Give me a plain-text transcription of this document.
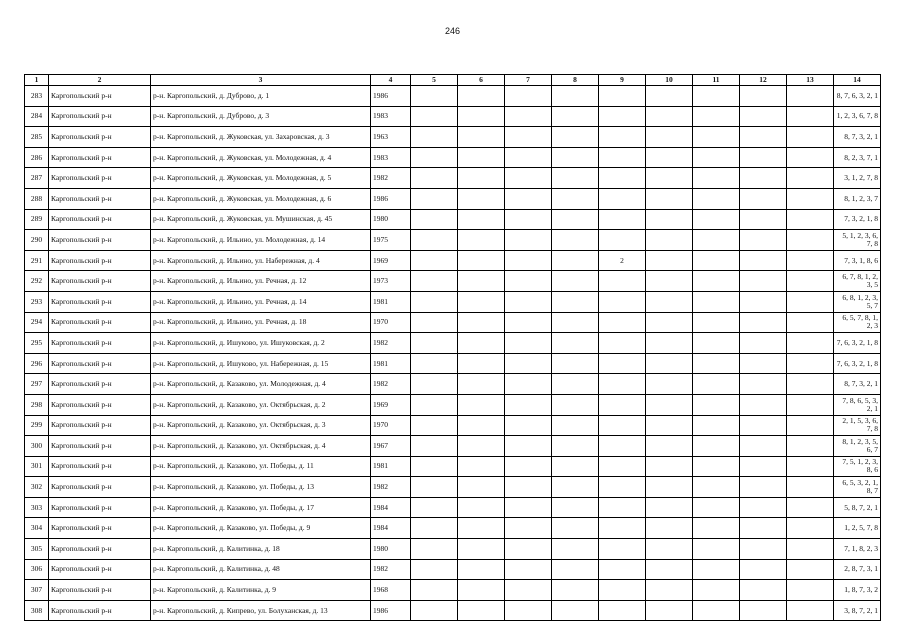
246
1	2	3	4	5	6	7	8	9	10	11	12	13	14
283	Каргопольский р-н	р-н. Каргопольский, д. Дуброво, д. 1	1986										8, 7, 6, 3, 2, 1
284	Каргопольский р-н	р-н. Каргопольский, д. Дуброво, д. 3	1983										1, 2, 3, 6, 7, 8
285	Каргопольский р-н	р-н. Каргопольский, д. Жуковская, ул. Захаровская, д. 3	1963										8, 7, 3, 2, 1
286	Каргопольский р-н	р-н. Каргопольский, д. Жуковская, ул. Молодежная, д. 4	1983										8, 2, 3, 7, 1
287	Каргопольский р-н	р-н. Каргопольский, д. Жуковская, ул. Молодежная, д. 5	1982										3, 1, 2, 7, 8
288	Каргопольский р-н	р-н. Каргопольский, д. Жуковская, ул. Молодежная, д. 6	1986										8, 1, 2, 3, 7
289	Каргопольский р-н	р-н. Каргопольский, д. Жуковская, ул. Мушинская, д. 45	1980										7, 3, 2, 1, 8
290	Каргопольский р-н	р-н. Каргопольский, д. Ильино, ул. Молодежная, д. 14	1975										5, 1, 2, 3, 6, 7, 8
291	Каргопольский р-н	р-н. Каргопольский, д. Ильино, ул. Набережная, д. 4	1969					2					7, 3, 1, 8, 6
292	Каргопольский р-н	р-н. Каргопольский, д. Ильино, ул. Речная, д. 12	1973										6, 7, 8, 1, 2, 3, 5
293	Каргопольский р-н	р-н. Каргопольский, д. Ильино, ул. Речная, д. 14	1981										6, 8, 1, 2, 3, 5, 7
294	Каргопольский р-н	р-н. Каргопольский, д. Ильино, ул. Речная, д. 18	1970										6, 5, 7, 8, 1, 2, 3
295	Каргопольский р-н	р-н. Каргопольский, д. Ишуково, ул. Ишуковская, д. 2	1982										7, 6, 3, 2, 1, 8
296	Каргопольский р-н	р-н. Каргопольский, д. Ишуково, ул. Набережная, д. 15	1981										7, 6, 3, 2, 1, 8
297	Каргопольский р-н	р-н. Каргопольский, д. Казаково, ул. Молодежная, д. 4	1982										8, 7, 3, 2, 1
298	Каргопольский р-н	р-н. Каргопольский, д. Казаково, ул. Октябрьская, д. 2	1969										7, 8, 6, 5, 3, 2, 1
299	Каргопольский р-н	р-н. Каргопольский, д. Казаково, ул. Октябрьская, д. 3	1970										2, 1, 5, 3, 6, 7, 8
300	Каргопольский р-н	р-н. Каргопольский, д. Казаково, ул. Октябрьская, д. 4	1967										8, 1, 2, 3, 5, 6, 7
301	Каргопольский р-н	р-н. Каргопольский, д. Казаково, ул. Победы, д. 11	1981										7, 5, 1, 2, 3, 8, 6
302	Каргопольский р-н	р-н. Каргопольский, д. Казаково, ул. Победы, д. 13	1982										6, 5, 3, 2, 1, 8, 7
303	Каргопольский р-н	р-н. Каргопольский, д. Казаково, ул. Победы, д. 17	1984										5, 8, 7, 2, 1
304	Каргопольский р-н	р-н. Каргопольский, д. Казаково, ул. Победы, д. 9	1984										1, 2, 5, 7, 8
305	Каргопольский р-н	р-н. Каргопольский, д. Калитинка, д. 18	1980										7, 1, 8, 2, 3
306	Каргопольский р-н	р-н. Каргопольский, д. Калитинка, д. 48	1982										2, 8, 7, 3, 1
307	Каргопольский р-н	р-н. Каргопольский, д. Калитинка, д. 9	1968										1, 8, 7, 3, 2
308	Каргопольский р-н	р-н. Каргопольский, д. Кипрево, ул. Болуханская, д. 13	1986										3, 8, 7, 2, 1
